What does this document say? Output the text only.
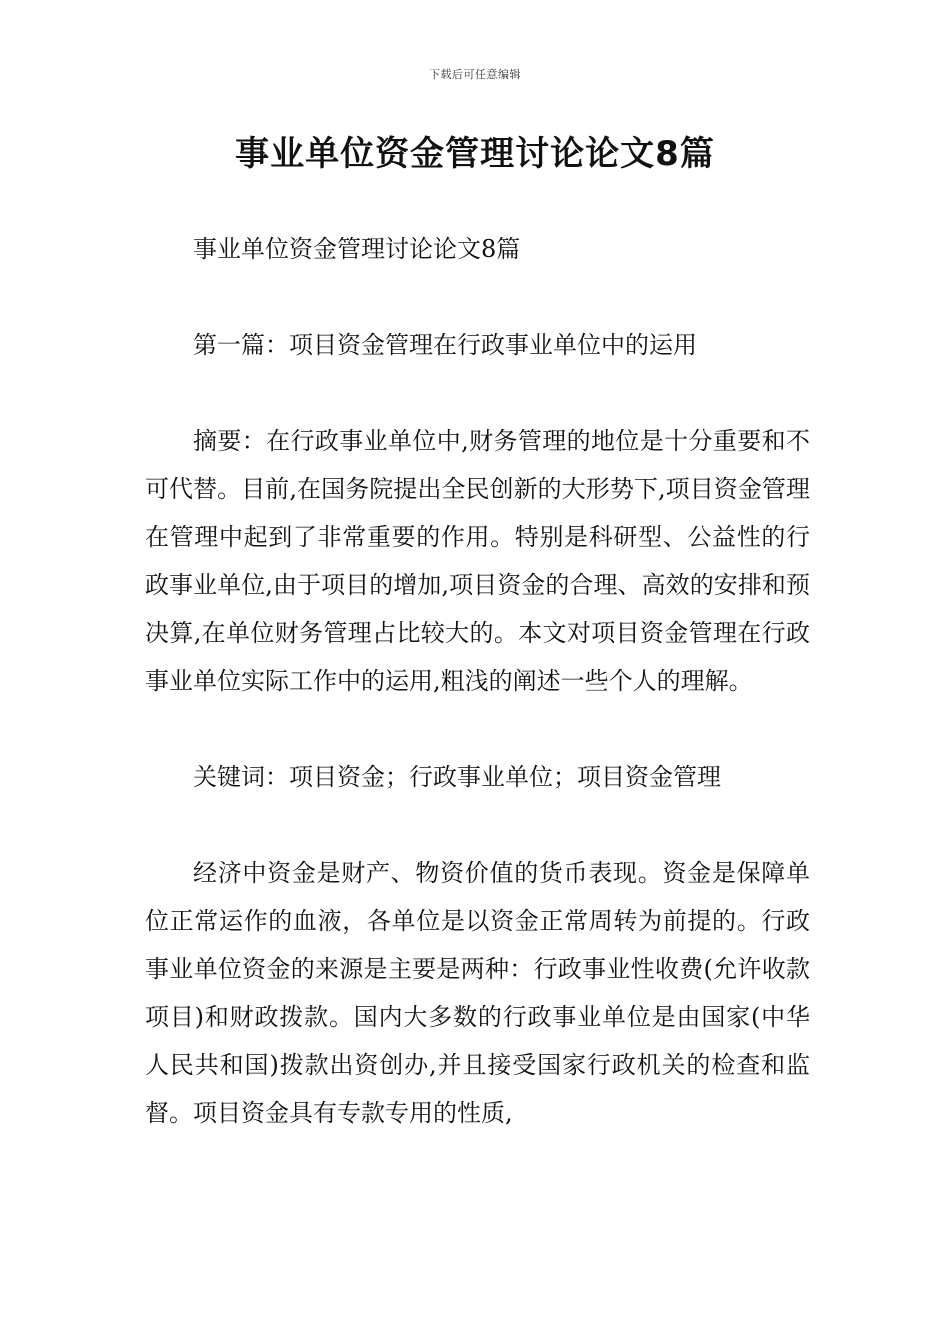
下载后可任意编辑
事业单位资金管理讨论论文8篇

事业单位资金管理讨论论文8篇

第一篇：项目资金管理在行政事业单位中的运用

摘要：在行政事业单位中,财务管理的地位是十分重要和不可代替。目前,在国务院提出全民创新的大形势下,项目资金管理在管理中起到了非常重要的作用。特别是科研型、公益性的行政事业单位,由于项目的增加,项目资金的合理、高效的安排和预决算,在单位财务管理占比较大的。本文对项目资金管理在行政事业单位实际工作中的运用,粗浅的阐述一些个人的理解。

关键词：项目资金；行政事业单位；项目资金管理

经济中资金是财产、物资价值的货币表现。资金是保障单位正常运作的血液，各单位是以资金正常周转为前提的。行政事业单位资金的来源是主要是两种：行政事业性收费(允许收款项目)和财政拨款。国内大多数的行政事业单位是由国家(中华人民共和国)拨款出资创办,并且接受国家行政机关的检查和监督。项目资金具有专款专用的性质,
